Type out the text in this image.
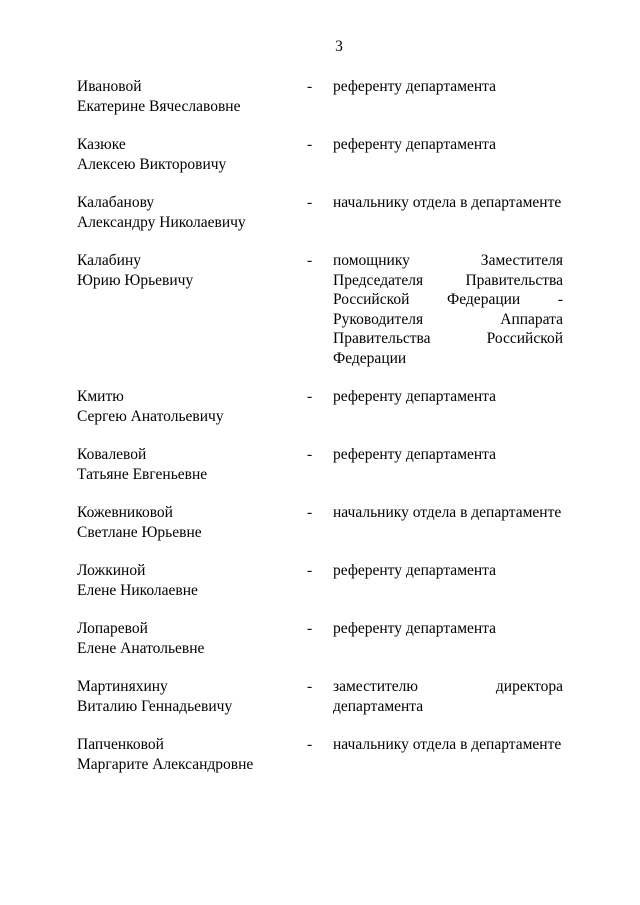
3
Ивановой
Екатерине Вячеславовне
-	референту департамента
Казюке
Алексею Викторовичу
-	референту департамента
Калабанову
Александру Николаевичу
-	начальнику отдела в департаменте
Калабину
Юрию Юрьевичу
-	помощнику Заместителя Председателя Правительства Российской Федерации - Руководителя Аппарата Правительства Российской Федерации
Кмитю
Сергею Анатольевичу
-	референту департамента
Ковалевой
Татьяне Евгеньевне
-	референту департамента
Кожевниковой
Светлане Юрьевне
-	начальнику отдела в департаменте
Ложкиной
Елене Николаевне
-	референту департамента
Лопаревой
Елене Анатольевне
-	референту департамента
Мартиняхину
Виталию Геннадьевичу
-	заместителю директора департамента
Папченковой
Маргарите Александровне
-	начальнику отдела в департаменте
